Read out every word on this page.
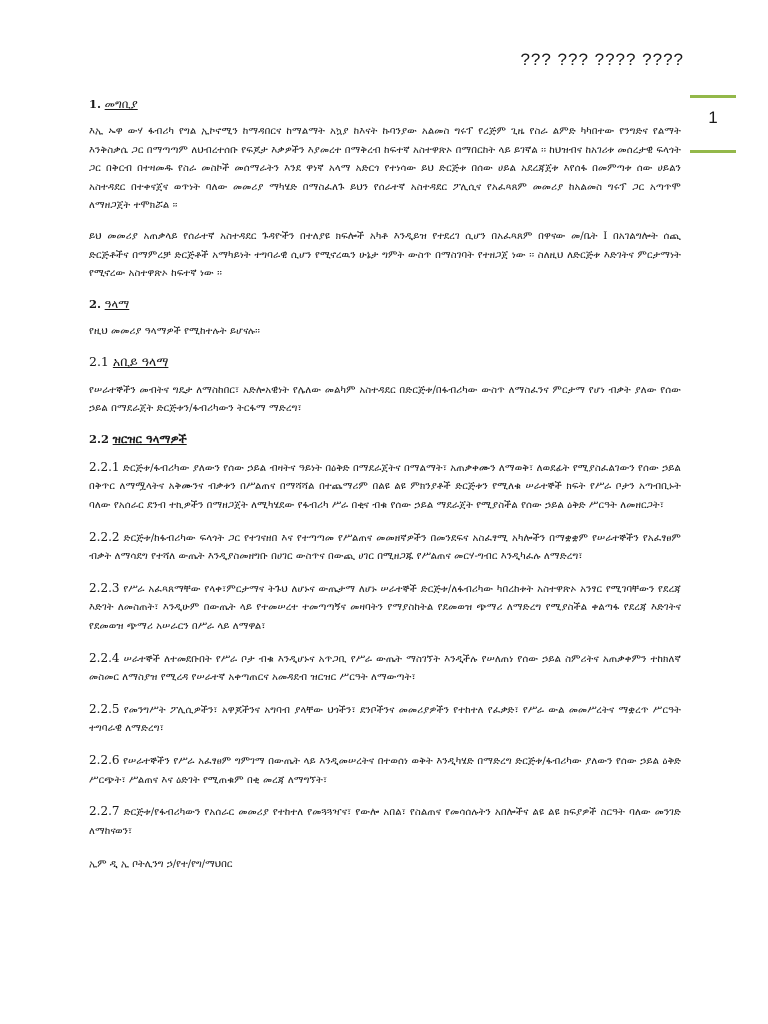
??? ??? ???? ????
1
1. መግቢያ

እኢ ኡዋ ውሃ ፋብሪካ የግል ኢኮኖሚን ከማዳበርና ከማልማት አኳያ ከእናት ኩባንያው አልመስ ግሩፕ የረጅም ጊዜ የስራ ልምድ ካካበተው የንግድና የልማት እንቅስቃሴ ጋር በማጣጣም ለህብረተሰቡ የፍጆታ እቃዎችን እያመረተ በማቅረብ ከፍተኛ አስተዋጽኦ በማበርከት ላይ ይገኛል ፡፡ ከህዝብና ከአገሪቱ መሰረታዊ ፍላጎት ጋር በቅርብ በተዛመዱ የስራ መስኮች መሰማራትን እንደ ዋነኛ አላማ አድርጎ የተነሳው ይህ ድርጅቱ በሰው ሀይል አደረጃጀቱ እየሰፋ በመምጣቱ ሰው ሀይልን አስተዳደር በተቀናጀና ወጥነት ባለው መመሪያ ማካሄድ በማስፈለጉ ይህን የሰራተኛ አስተዳደር ፖሊሲና የአፈጻጸም መመሪያ ከአልመስ ግሩፕ ጋር አጣጥሞ ለማዘጋጀት ተሞክሯል ፡፡

ይህ መመሪያ አጠቃላይ የሰራተኛ አስተዳደር ጉዳዮችን በተለያዩ ክፍሎች አካቶ እንዲይዝ የተደረገ ሲሆን በአፈጻጸም በዋናው መ/ቤት I በአገልግሎት ሰጪ ድርጅቶችና በማምረቻ ድርጅቶች አማካይነት ተግባራዊ ሲሆን የሚኖረዉን ሁኔታ ግምት ውስጥ በማስገባት የተዘጋጀ ነው ፡፡ ስለዚህ ለድርጅቱ እድገትና ምርታማነት የሚኖረው አስተዋጽኦ ከፍተኛ ነው ፡፡

2. ዓላማ

የዚህ መመሪያ ዓላማዎች የሚከተሉት ይሆናሉ፡፡

2.1 አቢይ ዓላማ

የሠራተኞችን መብትና ግዴታ ለማስከበር፣ አድሎአዊነት የሌለው መልካም አስተዳደር በድርጅቱ/በፋብሪካው ውስጥ ለማስፈንና ምርታማ የሆነ ብቃት ያለው የሰው ኃይል በማደራጀት ድርጅቱን/ፋብሪካውን ትርፋማ ማድረግ፣

2.2 ዝርዝር ዓላማዎች

2.2.1 ድርጅቱ/ፋብሪካው ያለውን የሰው ኃይል ብዛትና ዓይነት በዕቅድ በማደራጀትና በማልማት፣ አጠቃቀሙን ለማወቅ፣ ለወደፊት የሚያስፈልገውን የሰው ኃይል በቅጥር ለማሟላትና አቅሙንና ብቃቱን በሥልጠና በማሻሻል በተጨማሪም በልዩ ልዩ ምክንያቶች ድርጅቱን የሚለቁ ሠራተኞች ክፍት የሥራ ቦታን አጣብቢኑት ባለው የአሰራር ደንብ ተኪዎችን በማዘጋጀት ለሚካሄደው የፋብሪካ ሥራ በቂና ብቁ የሰው ኃይል ማደራጀት የሚያስችል የሰው ኃይል ዕቅድ ሥርዓት ለመዘርጋት፣

2.2.2 ድርጅቱ/ከፋብሪካው ፍላጎት ጋር የተገናዘበ እና የተጣጣመ የሥልጠና መመዘኛዎችን በመንደፍና አስፈፃሚ አካሎችን በማቋቋም የሠራተኞችን የአፈፃፀም ብቃት ለማሳደግ የተሻለ ውጤት እንዲያስመዘግቡ በሀገር ውስጥና በውጪ ሀገር በሚዘጋጁ የሥልጠና መርሃ-ግብር እንዲካፈሉ ለማድረግ፣

2.2.3 የሥራ አፈጻጸማቸው የላቀ፣ምርታማና ትጉህ ለሆኑና ውጤታማ ለሆኑ ሠራተኞች ድርጅቱ/ለፋብሪካው ካበረከቱት አስተዋጽኦ አንፃር የሚገባቸውን የደረጃ እድገት ለመስጠት፣ እንዲሁም በውጤት ላይ የተመሠረተ ተመጣጣኝና መዛባትን የማያስከትል የደመወዝ ጭማሪ ለማድረግ የሚያስችል ቀልጣፋ የደረጃ እድገትና የደመወዝ ጭማሪ አሠራርን በሥራ ላይ ለማዋል፣

2.2.4 ሠራተኞች ለተመደቡበት የሥራ ቦታ ብቁ እንዲሆኑና አጥጋቢ የሥራ ውጤት ማስገኘት እንዲችሉ የሠለጠነ የሰው ኃይል ስምሪትና አጠቃቀምን ተከክለኛ መስመር ለማስያዝ የሚረዳ የሠራተኛ አቀጣጠርና አመዳደብ ዝርዝር ሥርዓት ለማውጣት፣

2.2.5 የመንግሥት ፖሊሲዎችን፣ አዋጆችንና አግባብ ያላቸው ህጎችን፣ ደንቦችንና መመሪያዎችን የተከተለ የፈቃድ፣ የሥራ ውል መመሥረትና ማቋረጥ ሥርዓት ተግባራዊ ለማድረግ፣

2.2.6 የሠራተኞችን የሥራ አፈፃፀም ግምገማ በውጤት ላይ እንዲመሠረትና በተወሰነ ወቅት እንዲካሄድ በማድረግ ድርጅቱ/ፋብሪካው ያለውን የሰው ኃይል ዕቅድ ሥርጭት፣ ሥልጠና እና ዕድገት የሚጠቁም በቂ መረጃ ለማግኘት፣

2.2.7 ድርጅቱ/የፋብሪካውን የአሰራር መመሪያ የተከተለ የመጓጓዣና፣ የውሎ አበል፣ የስልጠና የመሳሰሉትን አበሎችና ልዩ ልዩ ክፍያዎች ስርዓት ባለው መንገድ ለማከናወን፣

ኢም ዲ ኢ ቦትሊንግ ኃ/የተ/የግ/ማህበር
